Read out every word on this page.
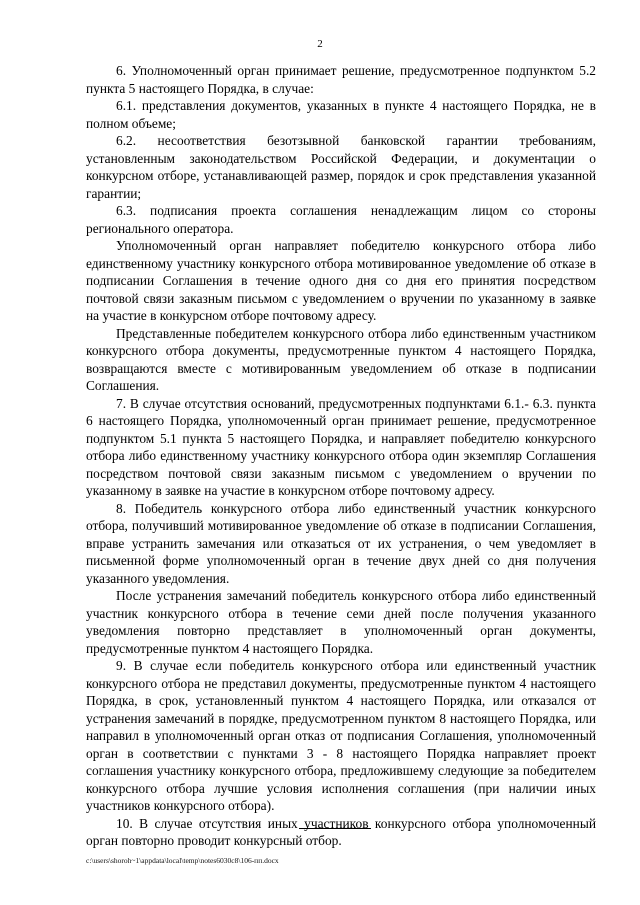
2

6. Уполномоченный орган принимает решение, предусмотренное подпунктом 5.2 пункта 5 настоящего Порядка, в случае:

6.1. представления документов, указанных в пункте 4 настоящего Порядка, не в полном объеме;

6.2. несоответствия безотзывной банковской гарантии требованиям, установленным законодательством Российской Федерации, и документации о конкурсном отборе, устанавливающей размер, порядок и срок представления указанной гарантии;

6.3. подписания проекта соглашения ненадлежащим лицом со стороны регионального оператора.

Уполномоченный орган направляет победителю конкурсного отбора либо единственному участнику конкурсного отбора мотивированное уведомление об отказе в подписании Соглашения в течение одного дня со дня его принятия посредством почтовой связи заказным письмом с уведомлением о вручении по указанному в заявке на участие в конкурсном отборе почтовому адресу.

Представленные победителем конкурсного отбора либо единственным участником конкурсного отбора документы, предусмотренные пунктом 4 настоящего Порядка, возвращаются вместе с мотивированным уведомлением об отказе в подписании Соглашения.

7. В случае отсутствия оснований, предусмотренных подпунктами 6.1.- 6.3. пункта 6 настоящего Порядка, уполномоченный орган принимает решение, предусмотренное подпунктом 5.1 пункта 5 настоящего Порядка, и направляет победителю конкурсного отбора либо единственному участнику конкурсного отбора один экземпляр Соглашения посредством почтовой связи заказным письмом с уведомлением о вручении по указанному в заявке на участие в конкурсном отборе почтовому адресу.

8. Победитель конкурсного отбора либо единственный участник конкурсного отбора, получивший мотивированное уведомление об отказе в подписании Соглашения, вправе устранить замечания или отказаться от их устранения, о чем уведомляет в письменной форме уполномоченный орган в течение двух дней со дня получения указанного уведомления.

После устранения замечаний победитель конкурсного отбора либо единственный участник конкурсного отбора в течение семи дней после получения указанного уведомления повторно представляет в уполномоченный орган документы, предусмотренные пунктом 4 настоящего Порядка.

9. В случае если победитель конкурсного отбора или единственный участник конкурсного отбора не представил документы, предусмотренные пунктом 4 настоящего Порядка, в срок, установленный пунктом 4 настоящего Порядка, или отказался от устранения замечаний в порядке, предусмотренном пунктом 8 настоящего Порядка, или направил в уполномоченный орган отказ от подписания Соглашения, уполномоченный орган в соответствии с пунктами 3 - 8 настоящего Порядка направляет проект соглашения участнику конкурсного отбора, предложившему следующие за победителем конкурсного отбора лучшие условия исполнения соглашения (при наличии иных участников конкурсного отбора).

10. В случае отсутствия иных участников конкурсного отбора уполномоченный орган повторно проводит конкурсный отбор.

c:\users\shoroh~1\appdata\local\temp\notes6030c8\106-пп.docx
